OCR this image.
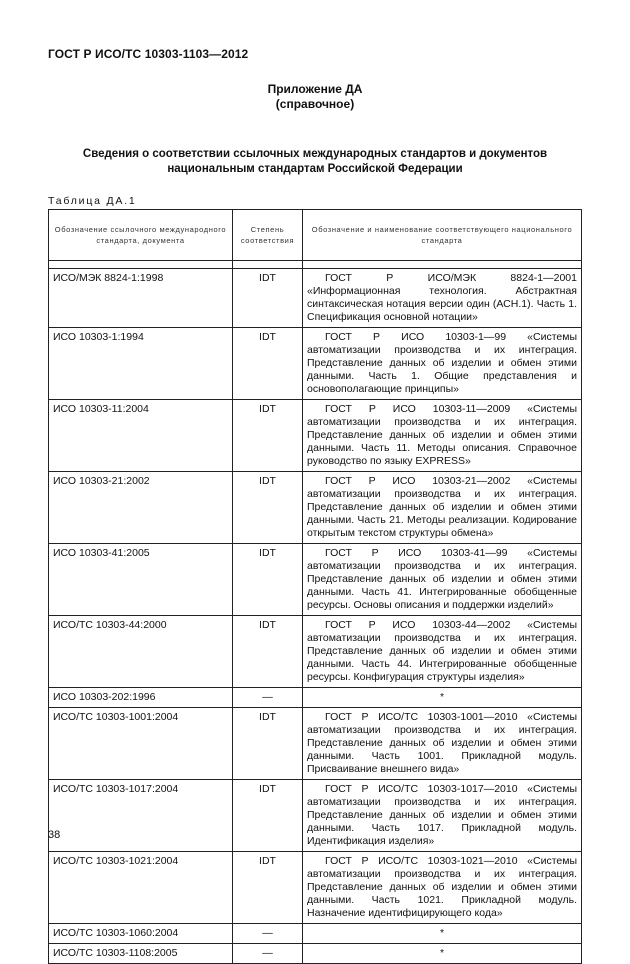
ГОСТ Р ИСО/ТС 10303-1103—2012
Приложение ДА
(справочное)
Сведения о соответствии ссылочных международных стандартов и документов
национальным стандартам Российской Федерации
Таблица ДА.1
Обозначение ссылочного международного стандарта, документа	Степень соответствия	Обозначение и наименование соответствующего национального стандарта

ИСО/МЭК 8824-1:1998	IDT	ГОСТ Р ИСО/МЭК 8824-1—2001 «Информационная технология. Абстрактная синтаксическая нотация версии один (АСН.1). Часть 1. Спецификация основной нотации»
ИСО 10303-1:1994	IDT	ГОСТ Р ИСО 10303-1—99 «Системы автоматизации производства и их интеграция. Представление данных об изделии и обмен этими данными. Часть 1. Общие представления и основополагающие принципы»
ИСО 10303-11:2004	IDT	ГОСТ Р ИСО 10303-11—2009 «Системы автоматизации производства и их интеграция. Представление данных об изделии и обмен этими данными. Часть 11. Методы описания. Справочное руководство по языку EXPRESS»
ИСО 10303-21:2002	IDT	ГОСТ Р ИСО 10303-21—2002 «Системы автоматизации производства и их интеграция. Представление данных об изделии и обмен этими данными. Часть 21. Методы реализации. Кодирование открытым текстом структуры обмена»
ИСО 10303-41:2005	IDT	ГОСТ Р ИСО 10303-41—99 «Системы автоматизации производства и их интеграция. Представление данных об изделии и обмен этими данными. Часть 41. Интегрированные обобщенные ресурсы. Основы описания и поддержки изделий»
ИСО/ТС 10303-44:2000	IDT	ГОСТ Р ИСО 10303-44—2002 «Системы автоматизации производства и их интеграция. Представление данных об изделии и обмен этими данными. Часть 44. Интегрированные обобщенные ресурсы. Конфигурация структуры изделия»
ИСО 10303-202:1996	—	*
ИСО/ТС 10303-1001:2004	IDT	ГОСТ Р ИСО/ТС 10303-1001—2010 «Системы автоматизации производства и их интеграция. Представление данных об изделии и обмен этими данными. Часть 1001. Прикладной модуль. Присваивание внешнего вида»
ИСО/ТС 10303-1017:2004	IDT	ГОСТ Р ИСО/ТС 10303-1017—2010 «Системы автоматизации производства и их интеграция. Представление данных об изделии и обмен этими данными. Часть 1017. Прикладной модуль. Идентификация изделия»
ИСО/ТС 10303-1021:2004	IDT	ГОСТ Р ИСО/ТС 10303-1021—2010 «Системы автоматизации производства и их интеграция. Представление данных об изделии и обмен этими данными. Часть 1021. Прикладной модуль. Назначение идентифицирующего кода»
ИСО/ТС 10303-1060:2004	—	*
ИСО/ТС 10303-1108:2005	—	*
38
